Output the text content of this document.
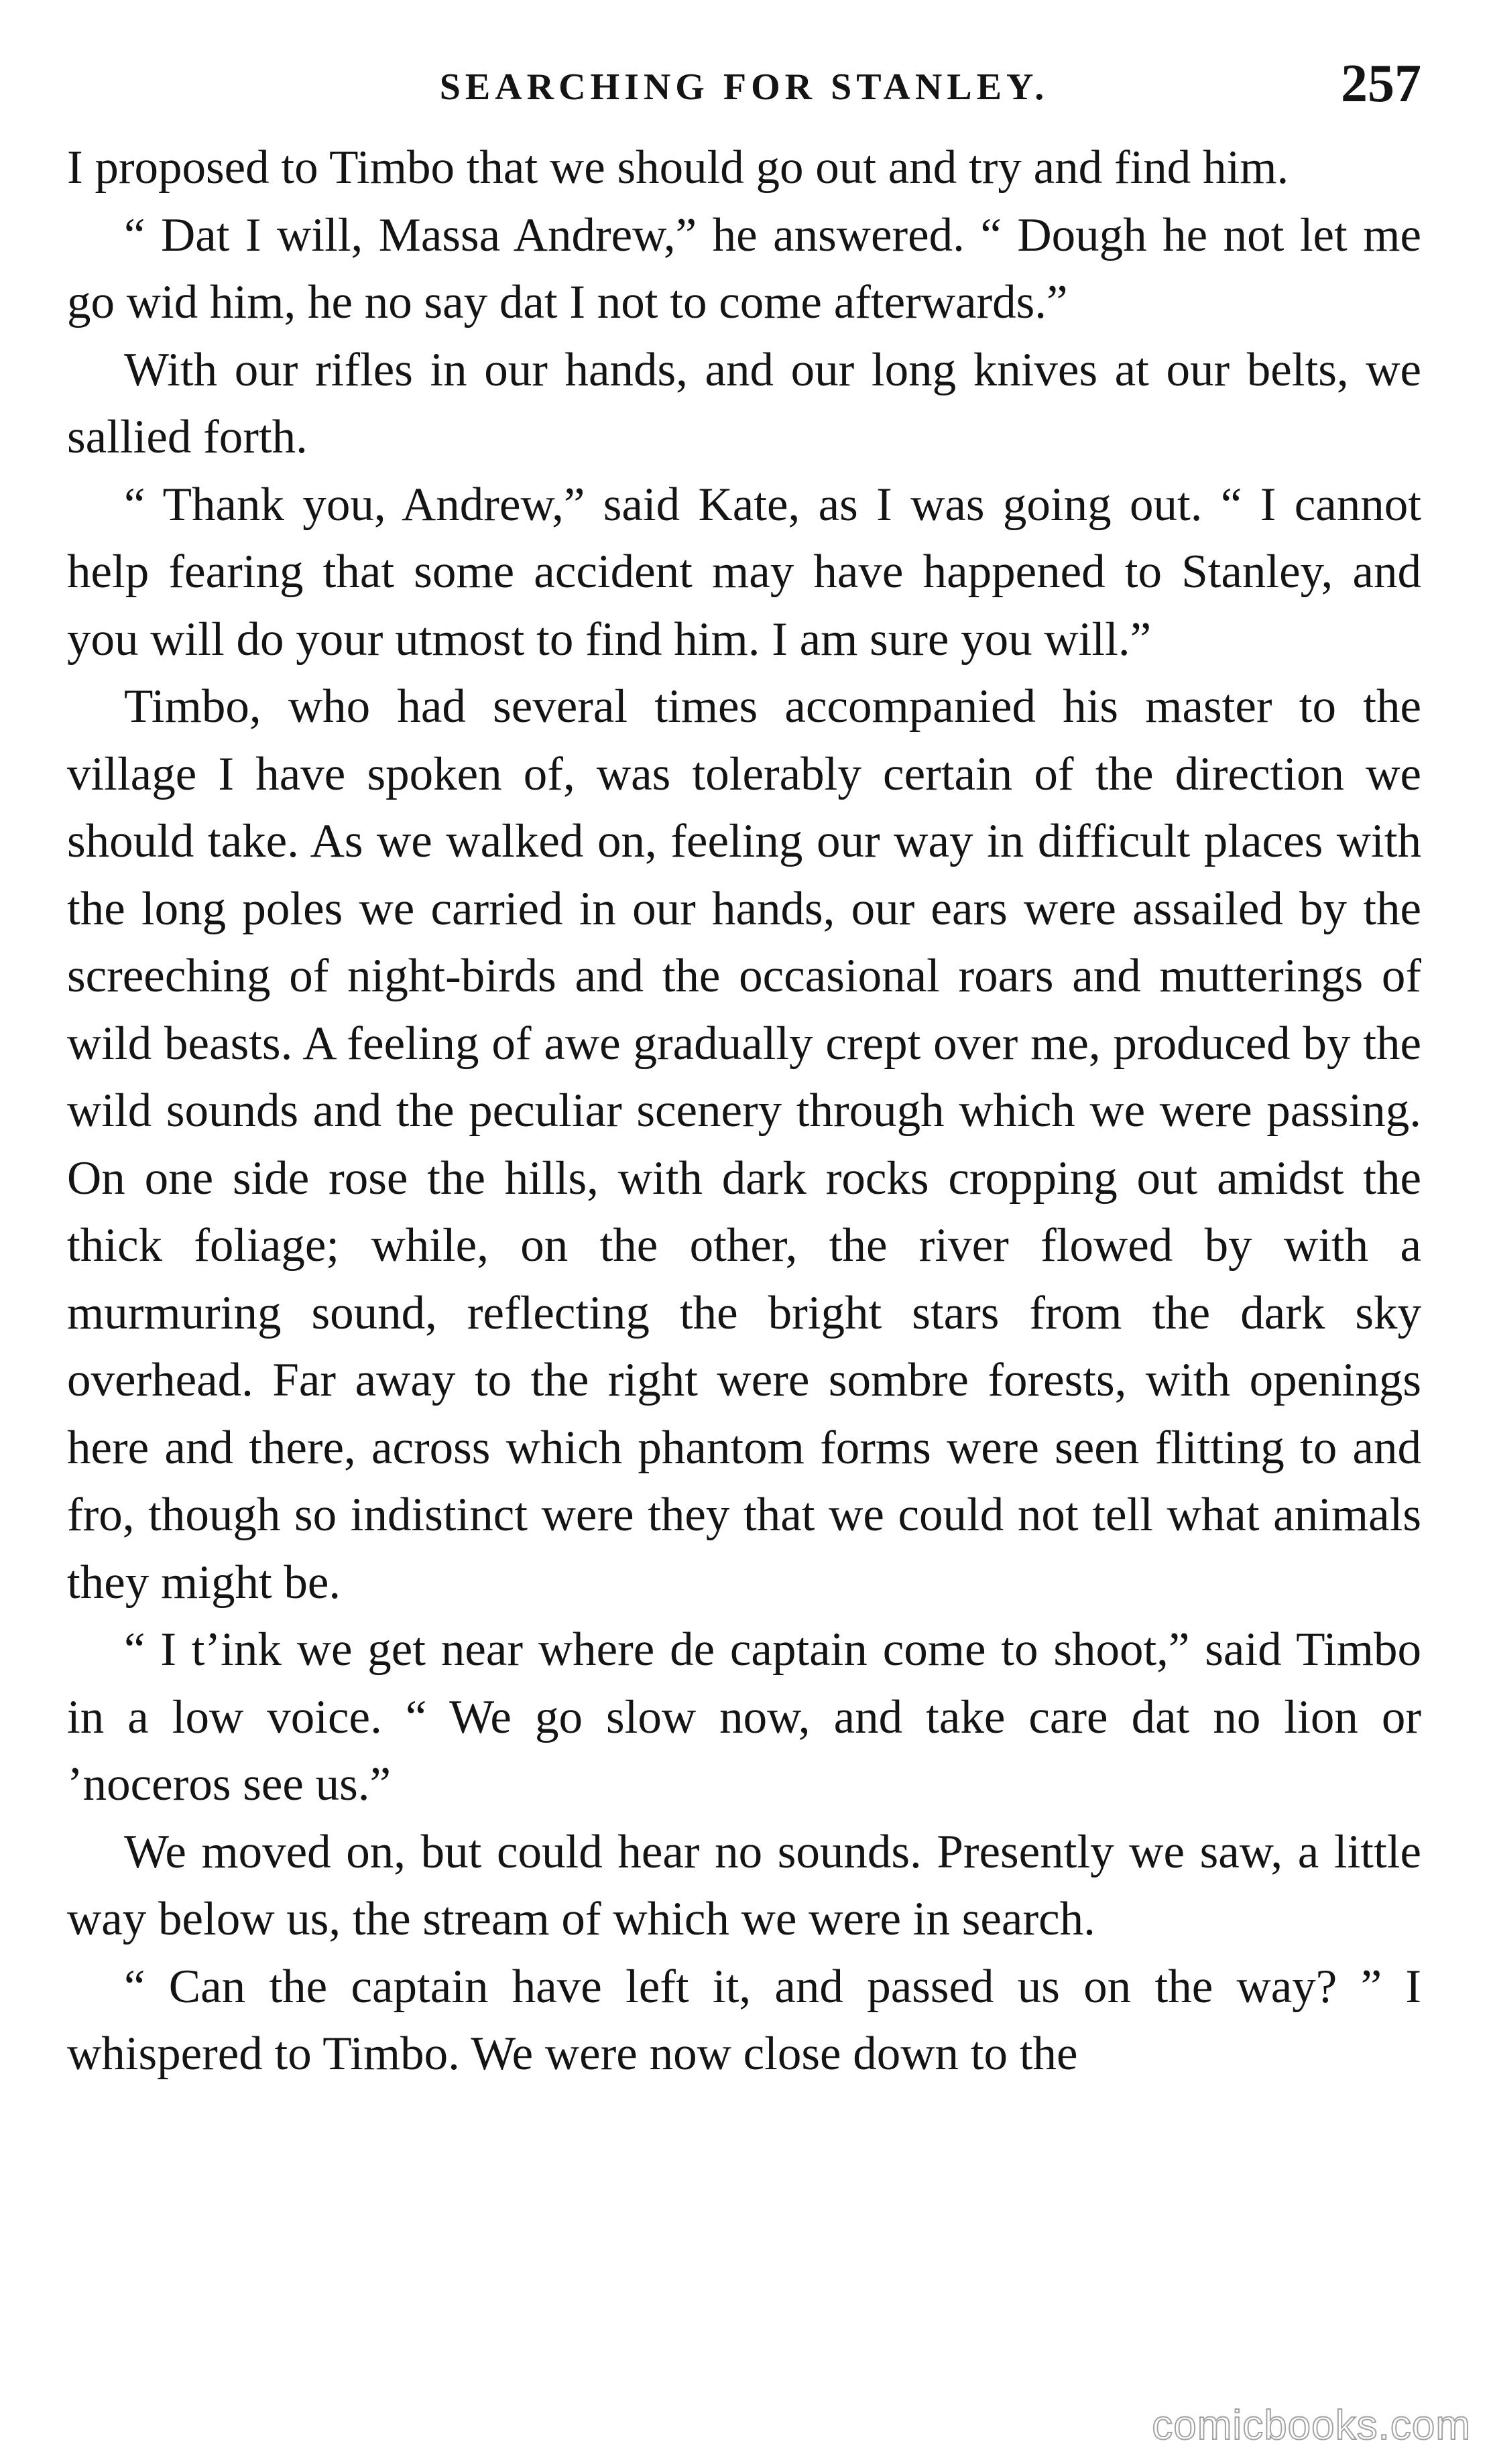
SEARCHING FOR STANLEY.	257

I proposed to Timbo that we should go out and try and find him.

“ Dat I will, Massa Andrew,” he answered. “ Dough he not let me go wid him, he no say dat I not to come afterwards.”

With our rifles in our hands, and our long knives at our belts, we sallied forth.

“ Thank you, Andrew,” said Kate, as I was going out. “ I cannot help fearing that some accident may have happened to Stanley, and you will do your utmost to find him. I am sure you will.”

Timbo, who had several times accompanied his master to the village I have spoken of, was tolerably certain of the direction we should take. As we walked on, feeling our way in difficult places with the long poles we carried in our hands, our ears were assailed by the screeching of night-birds and the occasional roars and mutterings of wild beasts. A feeling of awe gradually crept over me, produced by the wild sounds and the peculiar scenery through which we were passing. On one side rose the hills, with dark rocks cropping out amidst the thick foliage; while, on the other, the river flowed by with a murmuring sound, reflecting the bright stars from the dark sky overhead. Far away to the right were sombre forests, with openings here and there, across which phantom forms were seen flitting to and fro, though so indistinct were they that we could not tell what animals they might be.

“ I t’ink we get near where de captain come to shoot,” said Timbo in a low voice. “ We go slow now, and take care dat no lion or ’noceros see us.”

We moved on, but could hear no sounds. Presently we saw, a little way below us, the stream of which we were in search.

“ Can the captain have left it, and passed us on the way? ” I whispered to Timbo. We were now close down to the

comicbooks.com
